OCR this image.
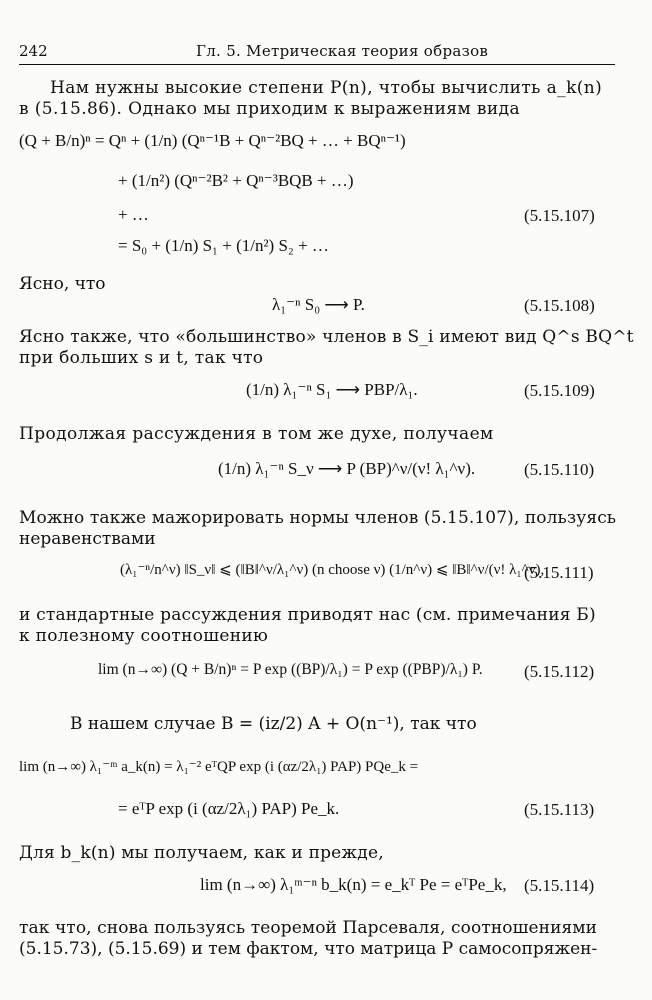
242	Гл. 5. Метрическая теория образов
Нам нужны высокие степени P(n), чтобы вычислить a_k(n)
в (5.15.86). Однако мы приходим к выражениям вида
(Q + B/n)ⁿ = Qⁿ + (1/n) (Qⁿ⁻¹B + Qⁿ⁻²BQ + … + BQⁿ⁻¹)
+ (1/n²) (Qⁿ⁻²B² + Qⁿ⁻³BQB + …)
+ …	(5.15.107)
= S₀ + (1/n) S₁ + (1/n²) S₂ + …
Ясно, что
λ₁⁻ⁿ S₀ ⟶ P.	(5.15.108)
Ясно также, что «большинство» членов в S_i имеют вид Q^s BQ^t
при больших s и t, так что
(1/n) λ₁⁻ⁿ S₁ ⟶ PBP/λ₁.	(5.15.109)
Продолжая рассуждения в том же духе, получаем
(1/n) λ₁⁻ⁿ S_ν ⟶ P (BP)^ν/(ν! λ₁^ν).	(5.15.110)
Можно также мажорировать нормы членов (5.15.107), пользуясь
неравенствами
(λ₁⁻ⁿ/n^ν) ‖S_ν‖ ⩽ (‖B‖^ν/λ₁^ν) (n choose ν) (1/n^ν) ⩽ ‖B‖^ν/(ν! λ₁^ν),
(5.15.111)
и стандартные рассуждения приводят нас (см. примечания Б)
к полезному соотношению
lim (n→∞) (Q + B/n)ⁿ = P exp ((BP)/λ₁) = P exp ((PBP)/λ₁) P. (5.15.112)
В нашем случае B = (iz/2) A + O(n⁻¹), так что
lim (n→∞) λ₁⁻ᵐ a_k(n) = λ₁⁻² eᵀQP exp (i (αz/2λ₁) PAP) PQe_k =
= eᵀP exp (i (αz/2λ₁) PAP) Pe_k.	(5.15.113)
Для b_k(n) мы получаем, как и прежде,
lim (n→∞) λ₁ᵐ⁻ⁿ b_k(n) = e_kᵀ Pe = eᵀPe_k, (5.15.114)
так что, снова пользуясь теоремой Парсеваля, соотношениями
(5.15.73), (5.15.69) и тем фактом, что матрица P самосопряжен-
